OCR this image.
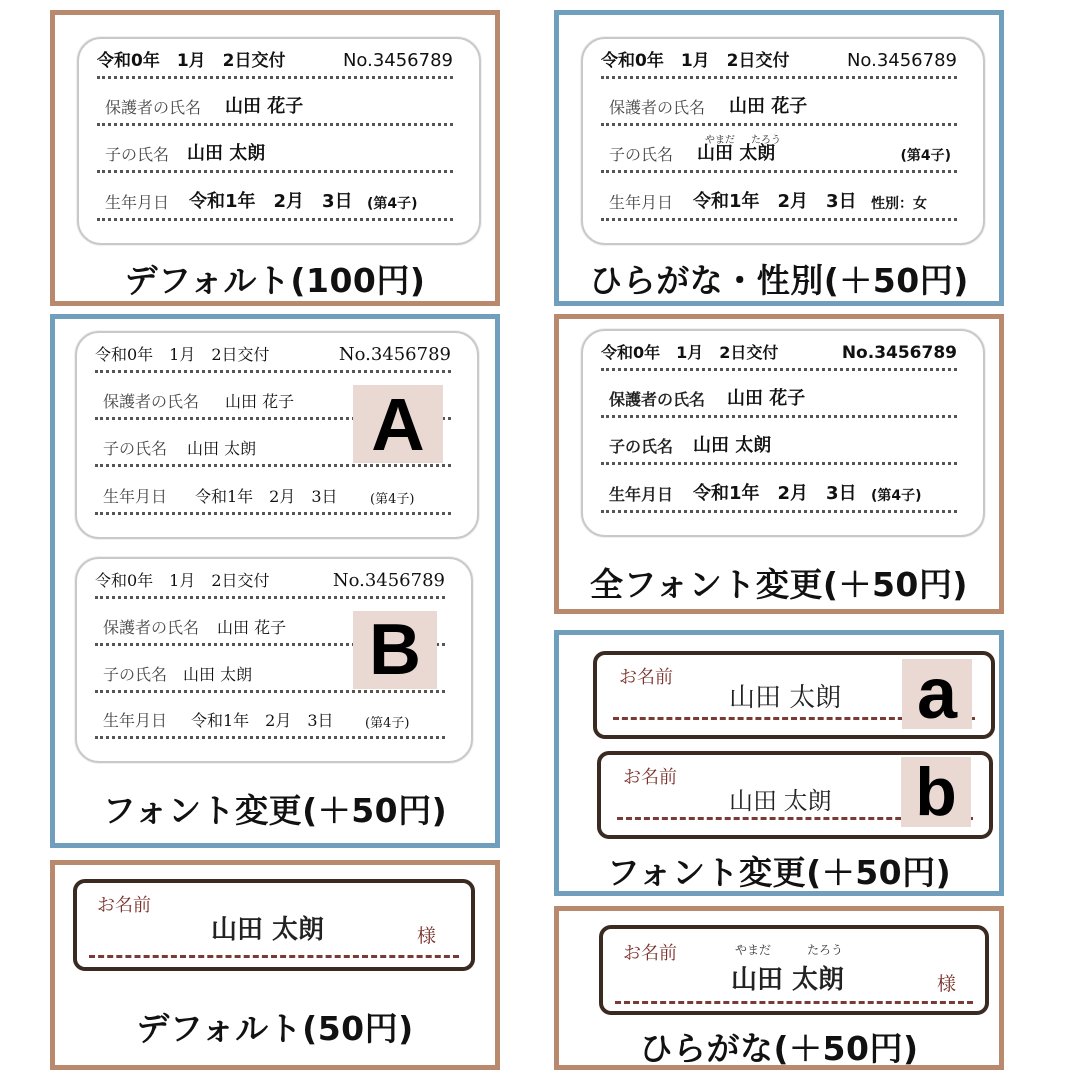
令和0年　1月　2日交付	No.3456789
保護者の氏名 山田 花子
子の氏名 山田 太朗
生年月日 令和1年　2月　3日 (第4子)
デフォルト(100円)
令和0年　1月　2日交付	No.3456789
保護者の氏名 山田 花子
子の氏名
やまだ たろう
山田 太朗	(第4子)
生年月日 令和1年　2月　3日 性別：女
ひらがな・性別(＋50円)
令和0年　1月　2日交付	No.3456789
保護者の氏名 山田 花子
子の氏名 山田 太朗
生年月日 令和1年　2月　3日 (第4子)
A
令和0年　1月　2日交付	No.3456789
保護者の氏名 山田 花子
子の氏名 山田 太朗
生年月日 令和1年　2月　3日 (第4子)
B
フォント変更(＋50円)
令和0年　1月　2日交付	No.3456789
保護者の氏名 山田 花子
子の氏名 山田 太朗
生年月日 令和1年　2月　3日 (第4子)
全フォント変更(＋50円)
お名前
山田 太朗 a
お名前
山田 太朗 b
フォント変更(＋50円)
お名前
山田 太朗	様
デフォルト(50円)
お名前	やまだ	たろう
山田 太朗	様
ひらがな(＋50円)
